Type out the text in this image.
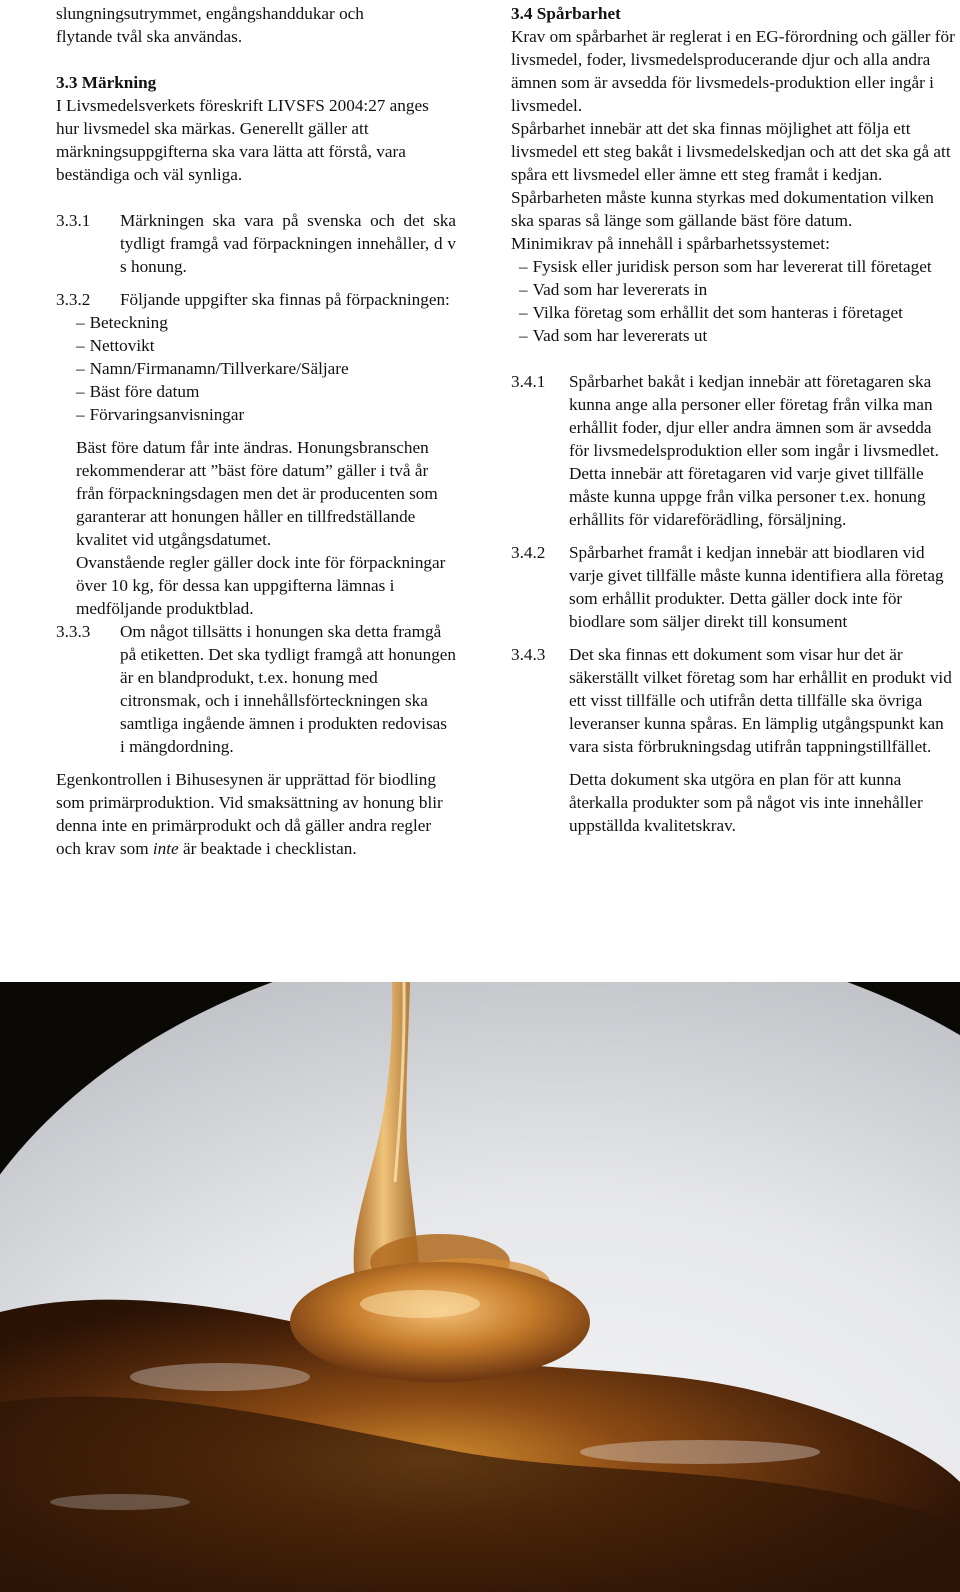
slungningsutrymmet, engångshanddukar och

flytande tvål ska användas.

3.3 Märkning

I Livsmedelsverkets föreskrift LIVSFS 2004:27 anges hur livsmedel ska märkas. Generellt gäller att märkningsuppgifterna ska vara lätta att förstå, vara beständiga och väl synliga.

3.3.1	Märkningen ska vara på svenska och det ska tydligt framgå vad förpackningen innehåller, d v s honung.
3.3.2	Följande uppgifter ska finnas på förpackningen:
– Beteckning
– Nettovikt
– Namn/Firmanamn/Tillverkare/Säljare
– Bäst före datum
– Förvaringsanvisningar

Bäst före datum får inte ändras. Honungsbranschen rekommenderar att ”bäst före datum” gäller i två år från förpackningsdagen men det är producenten som garanterar att honungen håller en tillfredställande kvalitet vid utgångsdatumet.

Ovanstående regler gäller dock inte för förpackningar över 10 kg, för dessa kan uppgifterna lämnas i medföljande produktblad.

3.3.3	Om något tillsätts i honungen ska detta framgå på etiketten. Det ska tydligt framgå att honungen är en blandprodukt, t.ex. honung med citronsmak, och i innehållsförteckningen ska samtliga ingående ämnen i produkten redovisas i mängdordning.

Egenkontrollen i Bihusesynen är upprättad för biodling som primärproduktion. Vid smaksättning av honung blir denna inte en primärprodukt och då gäller andra regler och krav som inte är beaktade i checklistan.

3.4 Spårbarhet

Krav om spårbarhet är reglerat i en EG-förordning och gäller för livsmedel, foder, livsmedelsproducerande djur och alla andra ämnen som är avsedda för livsmedels-produktion eller ingår i livsmedel.

Spårbarhet innebär att det ska finnas möjlighet att följa ett livsmedel ett steg bakåt i livsmedelskedjan och att det ska gå att spåra ett livsmedel eller ämne ett steg framåt i kedjan. Spårbarheten måste kunna styrkas med dokumentation vilken ska sparas så länge som gällande bäst före datum.

Minimikrav på innehåll i spårbarhetssystemet:

– Fysisk eller juridisk person som har levererat till företaget
– Vad som har levererats in
– Vilka företag som erhållit det som hanteras i företaget
– Vad som har levererats ut
3.4.1	Spårbarhet bakåt i kedjan innebär att företagaren ska kunna ange alla personer eller företag från vilka man erhållit foder, djur eller andra ämnen som är avsedda för livsmedelsproduktion eller som ingår i livsmedlet. Detta innebär att företagaren vid varje givet tillfälle måste kunna uppge från vilka personer t.ex. honung erhållits för vidareförädling, försäljning.
3.4.2	Spårbarhet framåt i kedjan innebär att biodlaren vid varje givet tillfälle måste kunna identifiera alla företag som erhållit produkter. Detta gäller dock inte för biodlare som säljer direkt till konsument
3.4.3	Det ska finnas ett dokument som visar hur det är säkerställt vilket företag som har erhållit en produkt vid ett visst tillfälle och utifrån detta tillfälle ska övriga leveranser kunna spåras. En lämplig utgångspunkt kan vara sista förbrukningsdag utifrån tappningstillfället.
Detta dokument ska utgöra en plan för att kunna återkalla produkter som på något vis inte innehåller uppställda kvalitetskrav.
